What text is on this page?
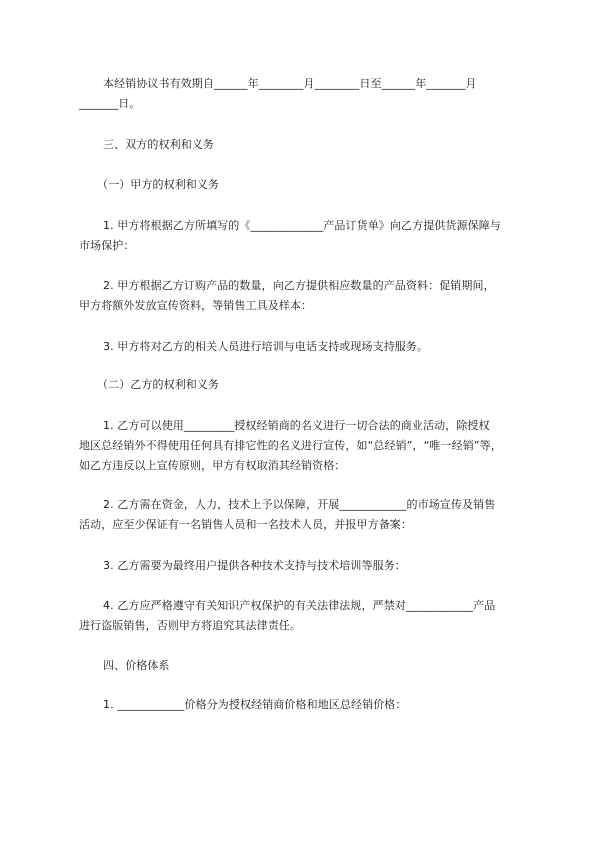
本经销协议书有效期自______年________月________日至______年_______月
_______日。
三、双方的权利和义务
（一）甲方的权利和义务
1. 甲方将根据乙方所填写的《_____________产品订货单》向乙方提供货源保障与
市场保护：
2. 甲方根据乙方订购产品的数量，向乙方提供相应数量的产品资料：促销期间，
甲方将额外发放宣传资料，等销售工具及样本：
3. 甲方将对乙方的相关人员进行培训与电话支持或现场支持服务。
（二）乙方的权利和义务
1. 乙方可以使用_________授权经销商的名义进行一切合法的商业活动，除授权
地区总经销外不得使用任何具有排它性的名义进行宣传，如“总经销”，“唯一经销”等，
如乙方违反以上宣传原则，甲方有权取消其经销资格：
2. 乙方需在资金，人力，技术上予以保障，开展____________的市场宣传及销售
活动，应至少保证有一名销售人员和一名技术人员，并报甲方备案：
3. 乙方需要为最终用户提供各种技术支持与技术培训等服务：
4. 乙方应严格遵守有关知识产权保护的有关法律法规，严禁对____________产品
进行盗版销售，否则甲方将追究其法律责任。
四、价格体系
1. ____________价格分为授权经销商价格和地区总经销价格：
